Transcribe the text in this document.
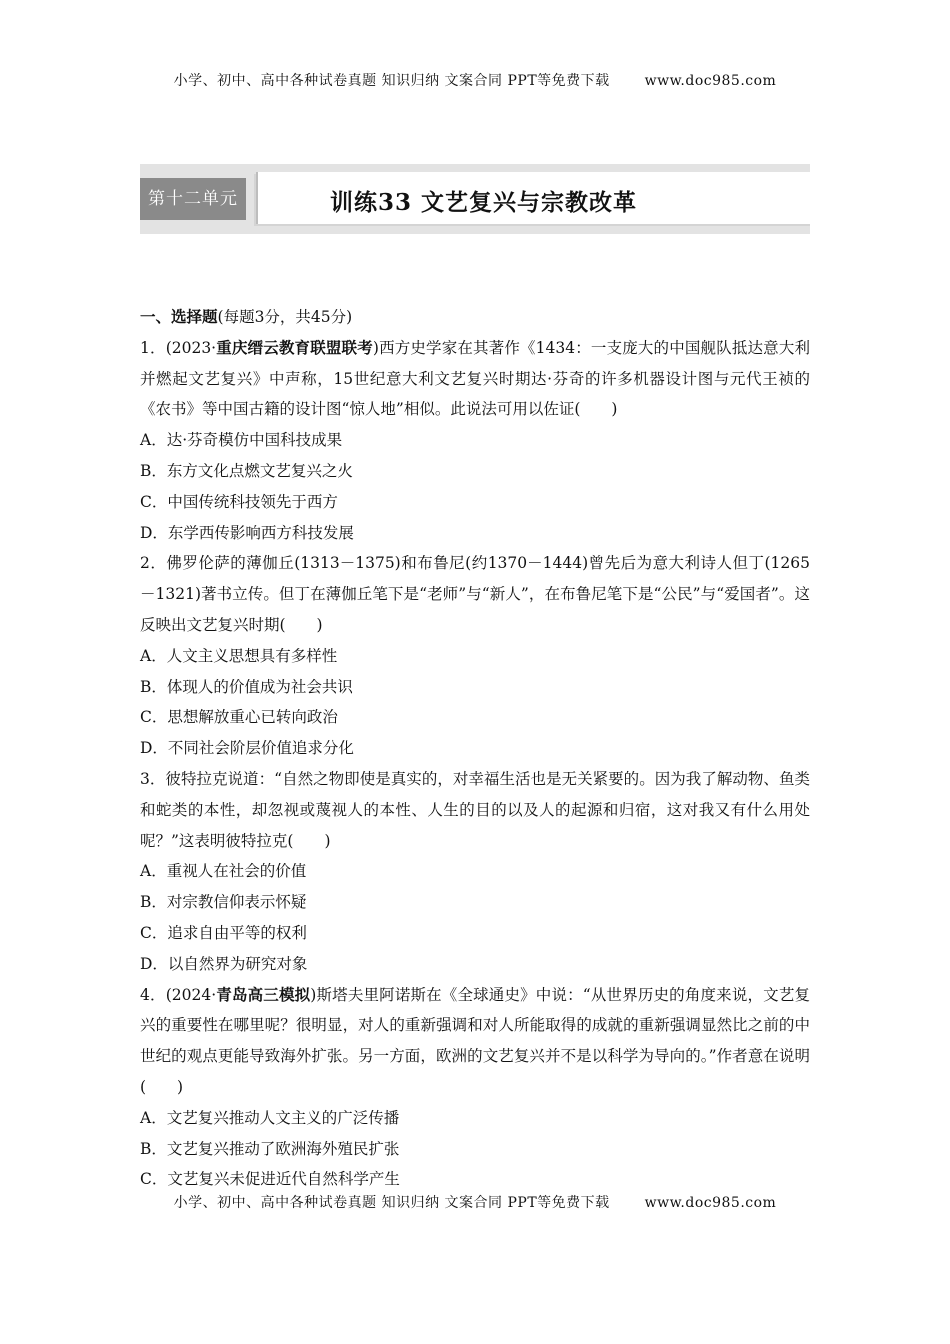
小学、初中、高中各种试卷真题 知识归纳 文案合同 PPT等免费下载 www.doc985.com
第十二单元	训练33 文艺复兴与宗教改革

一、选择题(每题3分，共45分)

1．(2023·重庆缙云教育联盟联考)西方史学家在其著作《1434：一支庞大的中国舰队抵达意大利并燃起文艺复兴》中声称，15世纪意大利文艺复兴时期达·芬奇的许多机器设计图与元代王祯的《农书》等中国古籍的设计图“惊人地”相似。此说法可用以佐证(　　)

A．达·芬奇模仿中国科技成果

B．东方文化点燃文艺复兴之火

C．中国传统科技领先于西方

D．东学西传影响西方科技发展

2．佛罗伦萨的薄伽丘(1313－1375)和布鲁尼(约1370－1444)曾先后为意大利诗人但丁(1265－1321)著书立传。但丁在薄伽丘笔下是“老师”与“新人”，在布鲁尼笔下是“公民”与“爱国者”。这反映出文艺复兴时期(　　)

A．人文主义思想具有多样性

B．体现人的价值成为社会共识

C．思想解放重心已转向政治

D．不同社会阶层价值追求分化

3．彼特拉克说道：“自然之物即使是真实的，对幸福生活也是无关紧要的。因为我了解动物、鱼类和蛇类的本性，却忽视或蔑视人的本性、人生的目的以及人的起源和归宿，这对我又有什么用处呢？”这表明彼特拉克(　　)

A．重视人在社会的价值

B．对宗教信仰表示怀疑

C．追求自由平等的权利

D．以自然界为研究对象

4．(2024·青岛高三模拟)斯塔夫里阿诺斯在《全球通史》中说：“从世界历史的角度来说，文艺复兴的重要性在哪里呢？很明显，对人的重新强调和对人所能取得的成就的重新强调显然比之前的中世纪的观点更能导致海外扩张。另一方面，欧洲的文艺复兴并不是以科学为导向的。”作者意在说明(　　)

A．文艺复兴推动人文主义的广泛传播

B．文艺复兴推动了欧洲海外殖民扩张

C．文艺复兴未促进近代自然科学产生

小学、初中、高中各种试卷真题 知识归纳 文案合同 PPT等免费下载 www.doc985.com
